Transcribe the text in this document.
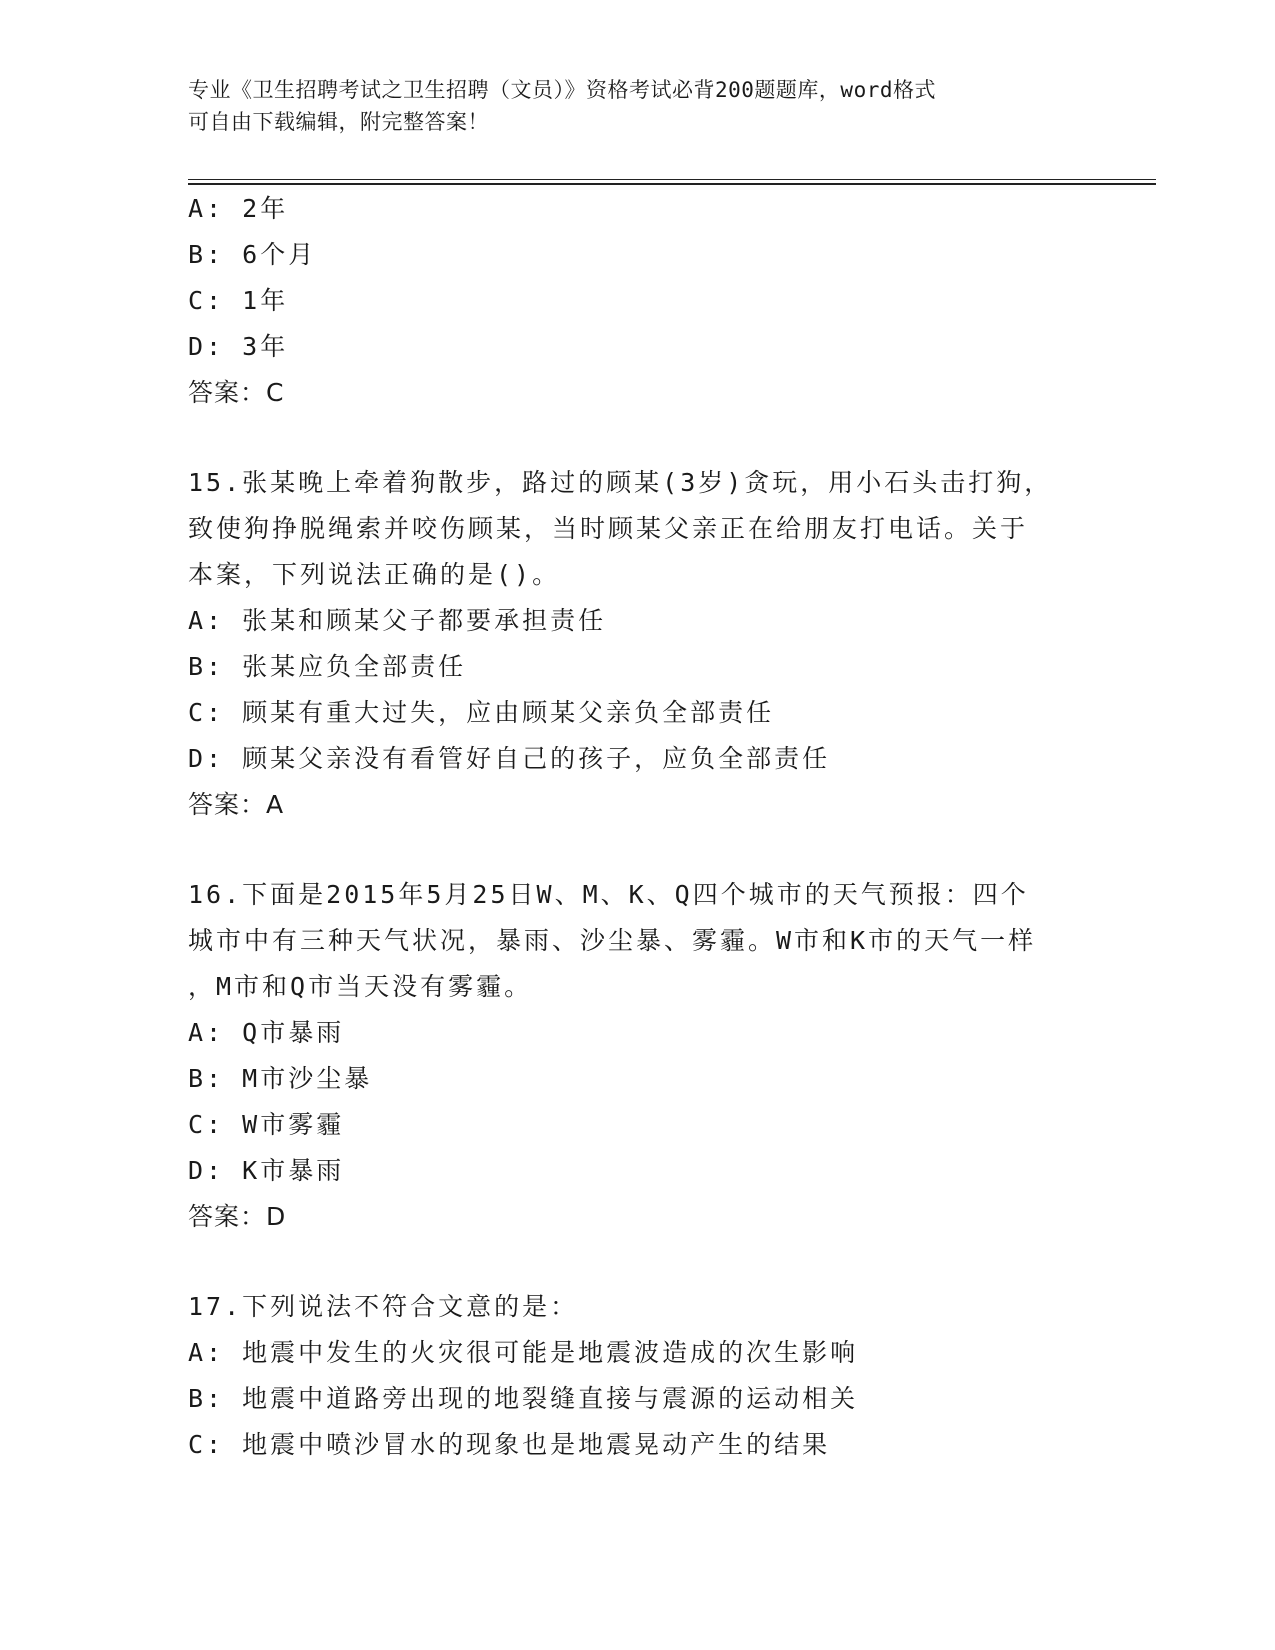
专业《卫生招聘考试之卫生招聘（文员）》资格考试必背200题题库，word格式
可自由下载编辑，附完整答案！
A: 2年
B: 6个月
C: 1年
D: 3年
答案：C
15.张某晚上牵着狗散步，路过的顾某(3岁)贪玩，用小石头击打狗，
致使狗挣脱绳索并咬伤顾某，当时顾某父亲正在给朋友打电话。关于
本案，下列说法正确的是()。
A: 张某和顾某父子都要承担责任
B: 张某应负全部责任
C: 顾某有重大过失，应由顾某父亲负全部责任
D: 顾某父亲没有看管好自己的孩子，应负全部责任
答案：A
16.下面是2015年5月25日W、M、K、Q四个城市的天气预报：四个
城市中有三种天气状况，暴雨、沙尘暴、雾霾。W市和K市的天气一样
，M市和Q市当天没有雾霾。
A: Q市暴雨
B: M市沙尘暴
C: W市雾霾
D: K市暴雨
答案：D
17.下列说法不符合文意的是：
A: 地震中发生的火灾很可能是地震波造成的次生影响
B: 地震中道路旁出现的地裂缝直接与震源的运动相关
C: 地震中喷沙冒水的现象也是地震晃动产生的结果
